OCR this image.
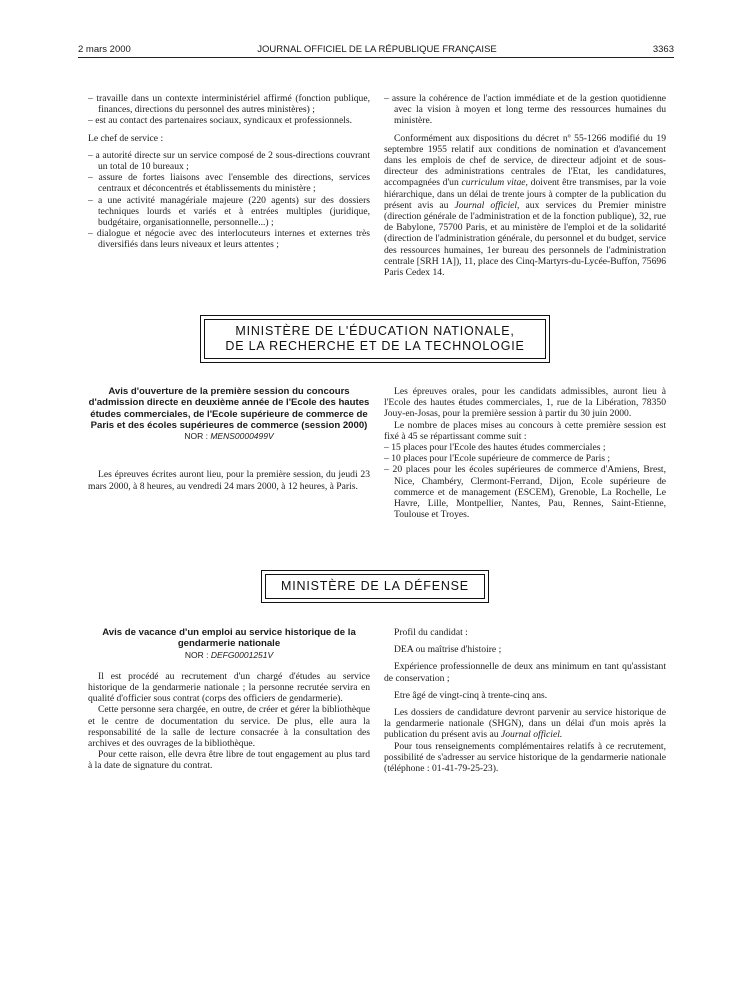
2 mars 2000	JOURNAL OFFICIEL DE LA RÉPUBLIQUE FRANÇAISE	3363

– travaille dans un contexte interministériel affirmé (fonction publique, finances, directions du personnel des autres ministères) ;

– est au contact des partenaires sociaux, syndicaux et professionnels.

Le chef de service :

– a autorité directe sur un service composé de 2 sous-directions couvrant un total de 10 bureaux ;

– assure de fortes liaisons avec l'ensemble des directions, services centraux et déconcentrés et établissements du ministère ;

– a une activité managériale majeure (220 agents) sur des dossiers techniques lourds et variés et à entrées multiples (juridique, budgétaire, organisationnelle, personnelle...) ;

– dialogue et négocie avec des interlocuteurs internes et externes très diversifiés dans leurs niveaux et leurs attentes ;

– assure la cohérence de l'action immédiate et de la gestion quotidienne avec la vision à moyen et long terme des ressources humaines du ministère.

Conformément aux dispositions du décret nº 55-1266 modifié du 19 septembre 1955 relatif aux conditions de nomination et d'avancement dans les emplois de chef de service, de directeur adjoint et de sous-directeur des administrations centrales de l'Etat, les candidatures, accompagnées d'un curriculum vitae, doivent être transmises, par la voie hiérarchique, dans un délai de trente jours à compter de la publication du présent avis au Journal officiel, aux services du Premier ministre (direction générale de l'administration et de la fonction publique), 32, rue de Babylone, 75700 Paris, et au ministère de l'emploi et de la solidarité (direction de l'administration générale, du personnel et du budget, service des ressources humaines, 1er bureau des personnels de l'administration centrale [SRH 1A]), 11, place des Cinq-Martyrs-du-Lycée-Buffon, 75696 Paris Cedex 14.

MINISTÈRE DE L'ÉDUCATION NATIONALE,
DE LA RECHERCHE ET DE LA TECHNOLOGIE

Avis d'ouverture de la première session du concours d'admission directe en deuxième année de l'Ecole des hautes études commerciales, de l'Ecole supérieure de commerce de Paris et des écoles supérieures de commerce (session 2000)

NOR : MENS0000499V

Les épreuves écrites auront lieu, pour la première session, du jeudi 23 mars 2000, à 8 heures, au vendredi 24 mars 2000, à 12 heures, à Paris.

Les épreuves orales, pour les candidats admissibles, auront lieu à l'Ecole des hautes études commerciales, 1, rue de la Libération, 78350 Jouy-en-Josas, pour la première session à partir du 30 juin 2000.

Le nombre de places mises au concours à cette première session est fixé à 45 se répartissant comme suit :

– 15 places pour l'Ecole des hautes études commerciales ;

– 10 places pour l'Ecole supérieure de commerce de Paris ;

– 20 places pour les écoles supérieures de commerce d'Amiens, Brest, Nice, Chambéry, Clermont-Ferrand, Dijon, Ecole supérieure de commerce et de management (ESCEM), Grenoble, La Rochelle, Le Havre, Lille, Montpellier, Nantes, Pau, Rennes, Saint-Etienne, Toulouse et Troyes.

MINISTÈRE DE LA DÉFENSE

Avis de vacance d'un emploi au service historique de la gendarmerie nationale

NOR : DEFG0001251V

Il est procédé au recrutement d'un chargé d'études au service historique de la gendarmerie nationale ; la personne recrutée servira en qualité d'officier sous contrat (corps des officiers de gendarmerie).

Cette personne sera chargée, en outre, de créer et gérer la bibliothèque et le centre de documentation du service. De plus, elle aura la responsabilité de la salle de lecture consacrée à la consultation des archives et des ouvrages de la bibliothèque.

Pour cette raison, elle devra être libre de tout engagement au plus tard à la date de signature du contrat.

Profil du candidat :

DEA ou maîtrise d'histoire ;

Expérience professionnelle de deux ans minimum en tant qu'assistant de conservation ;

Etre âgé de vingt-cinq à trente-cinq ans.

Les dossiers de candidature devront parvenir au service historique de la gendarmerie nationale (SHGN), dans un délai d'un mois après la publication du présent avis au Journal officiel.

Pour tous renseignements complémentaires relatifs à ce recrutement, possibilité de s'adresser au service historique de la gendarmerie nationale (téléphone : 01-41-79-25-23).
